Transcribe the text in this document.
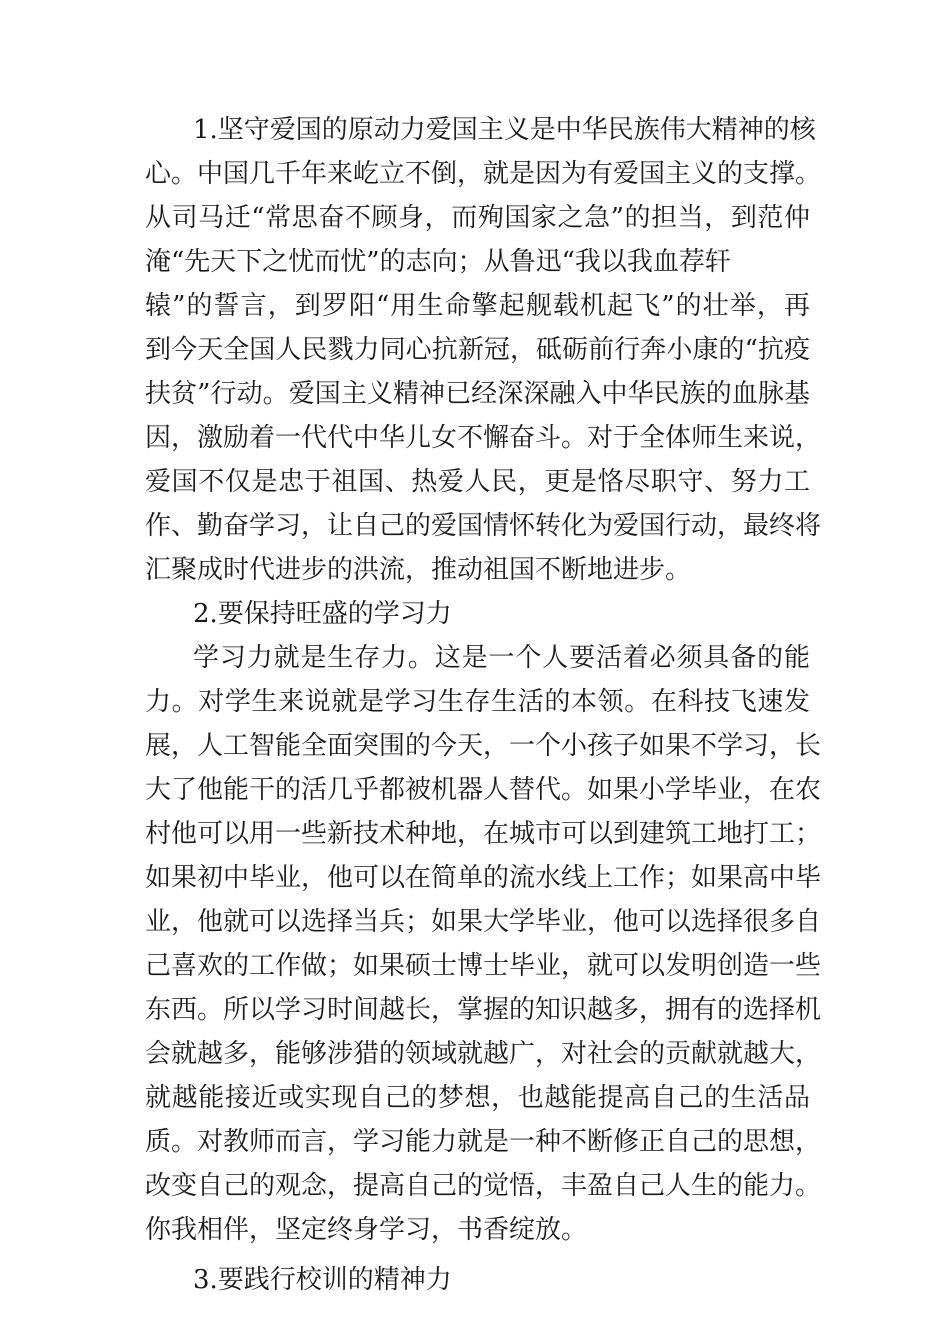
1.坚守爱国的原动力爱国主义是中华民族伟大精神的核
心。中国几千年来屹立不倒，就是因为有爱国主义的支撑。
从司马迁“常思奋不顾身，而殉国家之急”的担当，到范仲
淹“先天下之忧而忧”的志向；从鲁迅“我以我血荐轩
辕”的誓言，到罗阳“用生命擎起舰载机起飞”的壮举，再
到今天全国人民戮力同心抗新冠，砥砺前行奔小康的“抗疫
扶贫”行动。爱国主义精神已经深深融入中华民族的血脉基
因，激励着一代代中华儿女不懈奋斗。对于全体师生来说，
爱国不仅是忠于祖国、热爱人民，更是恪尽职守、努力工
作、勤奋学习，让自己的爱国情怀转化为爱国行动，最终将
汇聚成时代进步的洪流，推动祖国不断地进步。
2.要保持旺盛的学习力
学习力就是生存力。这是一个人要活着必须具备的能
力。对学生来说就是学习生存生活的本领。在科技飞速发
展，人工智能全面突围的今天，一个小孩子如果不学习，长
大了他能干的活几乎都被机器人替代。如果小学毕业，在农
村他可以用一些新技术种地，在城市可以到建筑工地打工；
如果初中毕业，他可以在简单的流水线上工作；如果高中毕
业，他就可以选择当兵；如果大学毕业，他可以选择很多自
己喜欢的工作做；如果硕士博士毕业，就可以发明创造一些
东西。所以学习时间越长，掌握的知识越多，拥有的选择机
会就越多，能够涉猎的领域就越广，对社会的贡献就越大，
就越能接近或实现自己的梦想，也越能提高自己的生活品
质。对教师而言，学习能力就是一种不断修正自己的思想，
改变自己的观念，提高自己的觉悟，丰盈自己人生的能力。
你我相伴，坚定终身学习，书香绽放。
3.要践行校训的精神力
